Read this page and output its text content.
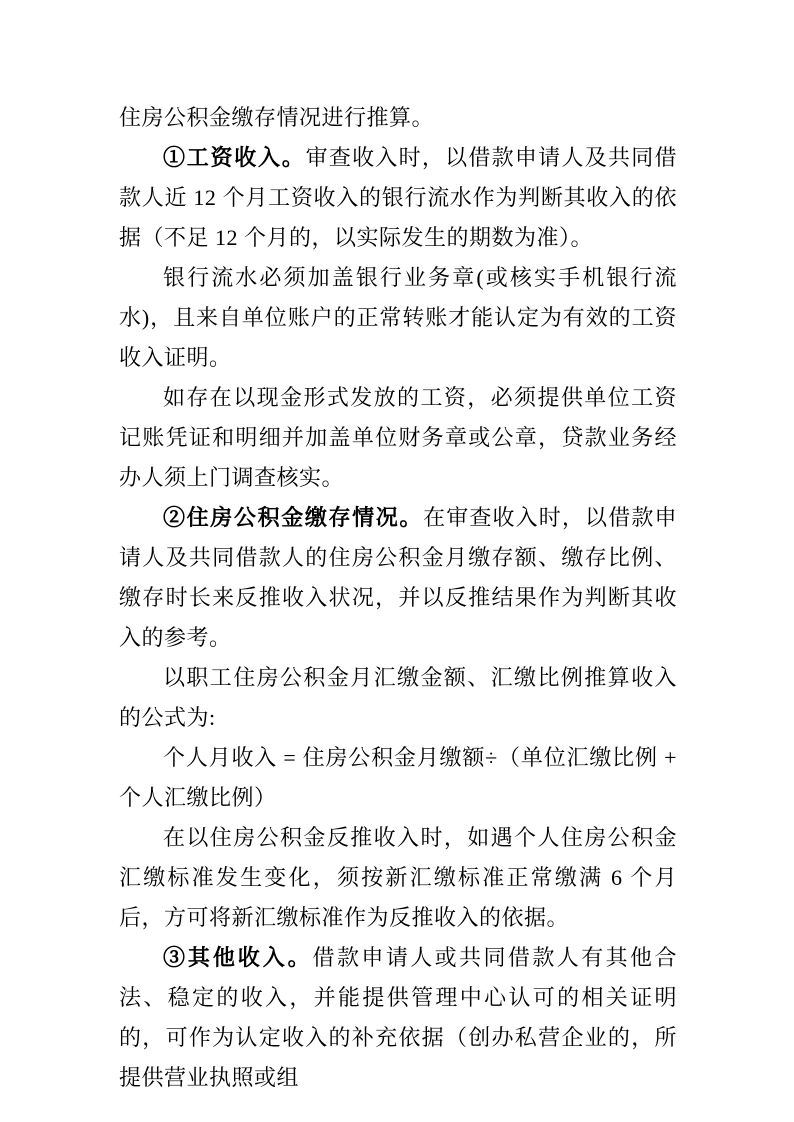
住房公积金缴存情况进行推算。

①工资收入。审查收入时，以借款申请人及共同借款人近 12 个月工资收入的银行流水作为判断其收入的依据（不足 12 个月的，以实际发生的期数为准）。

银行流水必须加盖银行业务章(或核实手机银行流水)，且来自单位账户的正常转账才能认定为有效的工资收入证明。

如存在以现金形式发放的工资，必须提供单位工资记账凭证和明细并加盖单位财务章或公章，贷款业务经办人须上门调查核实。

②住房公积金缴存情况。在审查收入时，以借款申请人及共同借款人的住房公积金月缴存额、缴存比例、缴存时长来反推收入状况，并以反推结果作为判断其收入的参考。

以职工住房公积金月汇缴金额、汇缴比例推算收入的公式为:

个人月收入 = 住房公积金月缴额÷（单位汇缴比例 + 个人汇缴比例）

在以住房公积金反推收入时，如遇个人住房公积金汇缴标准发生变化，须按新汇缴标准正常缴满 6 个月后，方可将新汇缴标准作为反推收入的依据。

③其他收入。借款申请人或共同借款人有其他合法、稳定的收入，并能提供管理中心认可的相关证明的，可作为认定收入的补充依据（创办私营企业的，所提供营业执照或组
